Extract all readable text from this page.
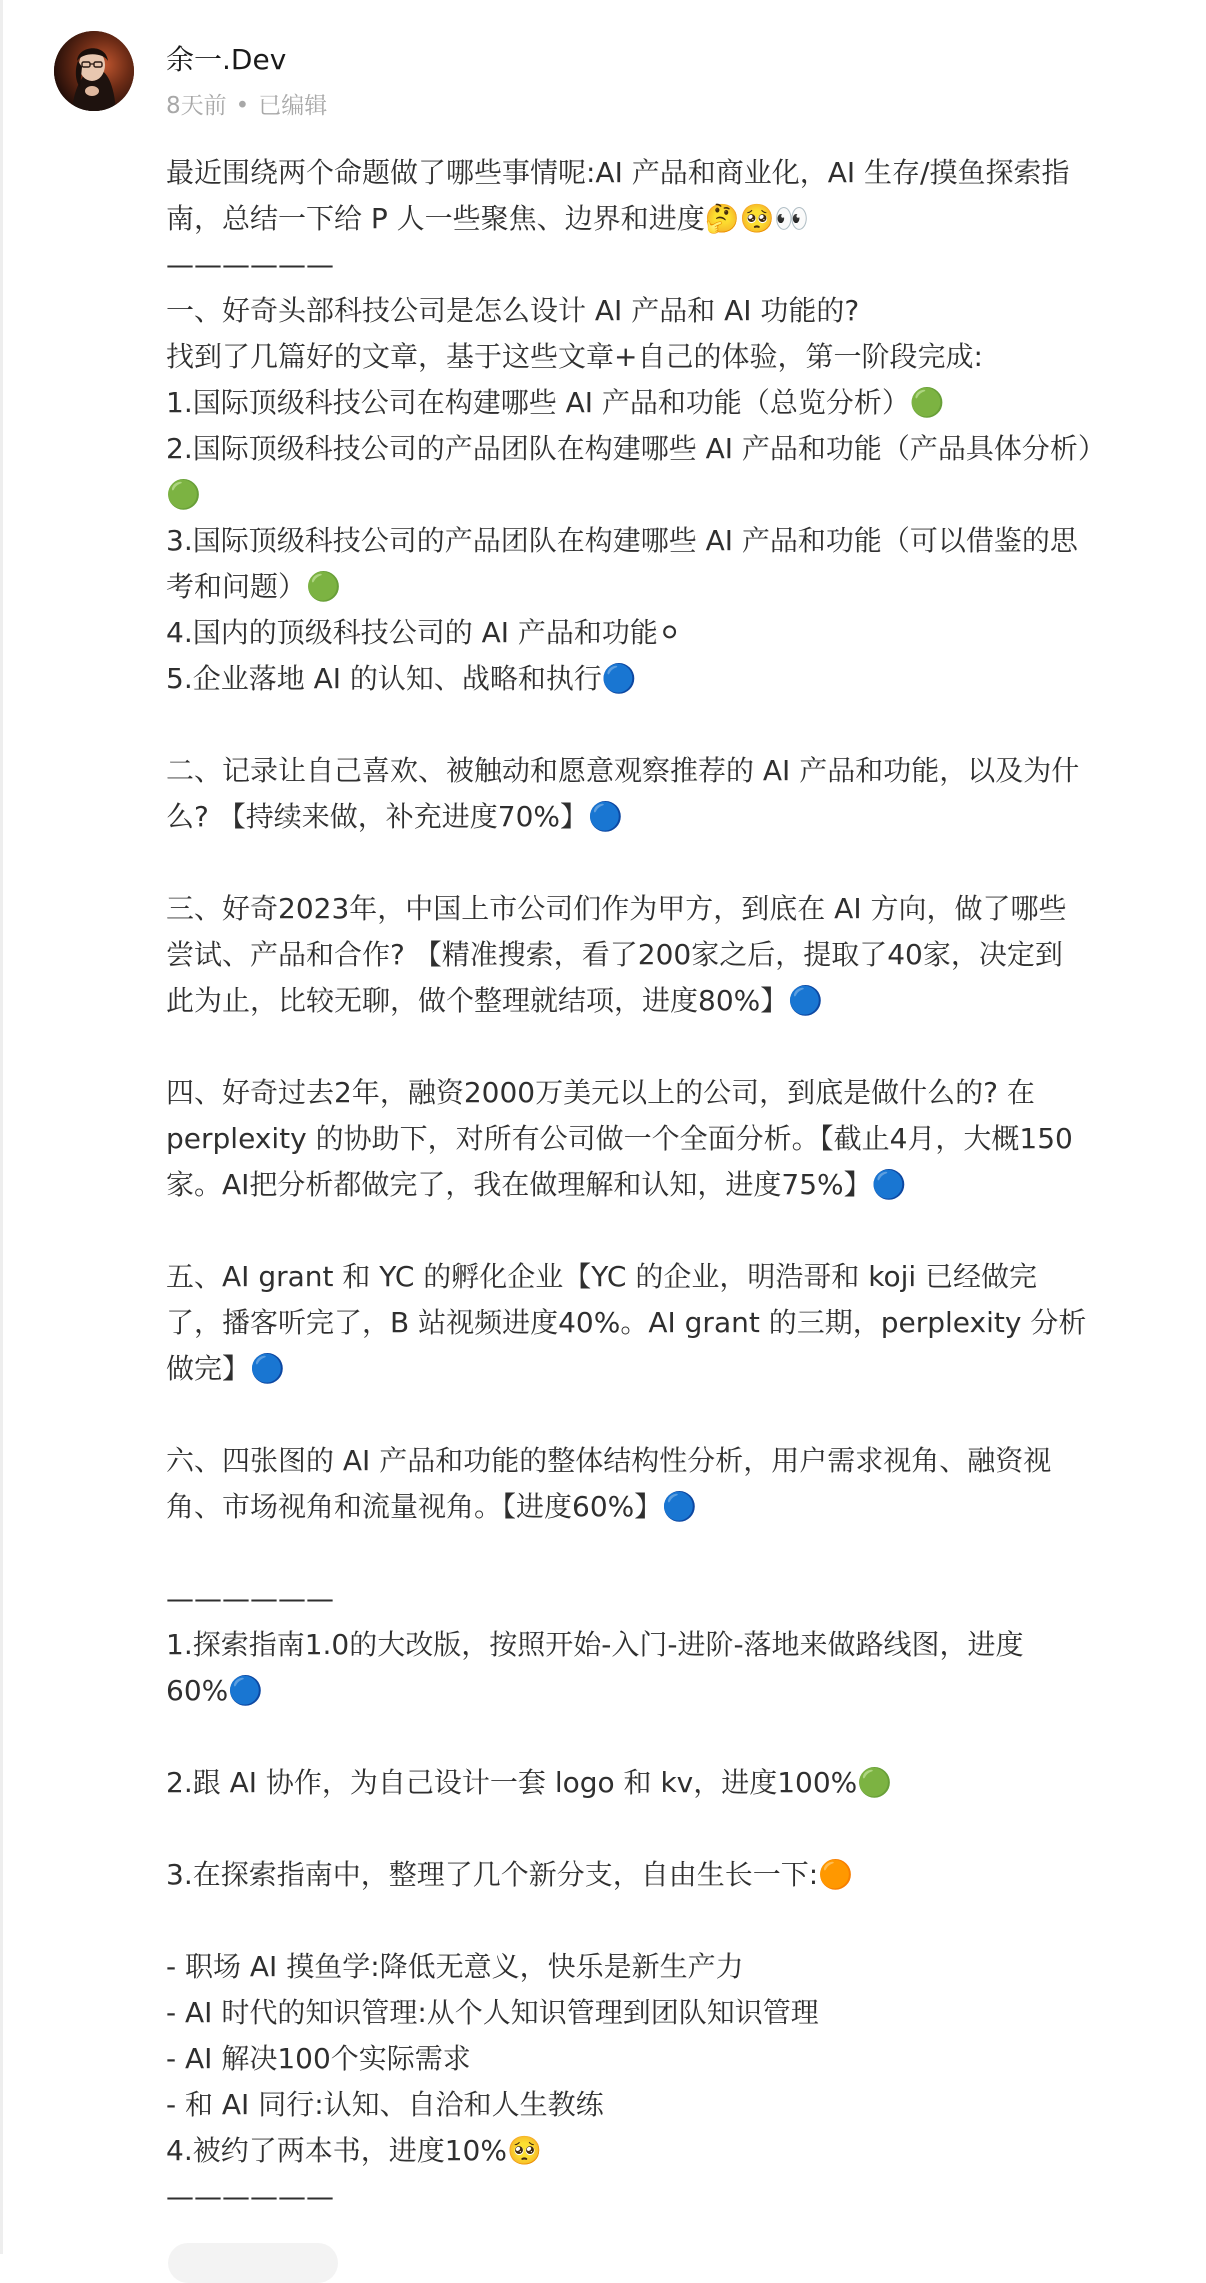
余一.Dev
8天前 • 已编辑
最近围绕两个命题做了哪些事情呢:AI 产品和商业化，AI 生存/摸鱼探索指
南，总结一下给 P 人一些聚焦、边界和进度🤔🥺👀
——————
一、好奇头部科技公司是怎么设计 AI 产品和 AI 功能的?
找到了几篇好的文章，基于这些文章+自己的体验，第一阶段完成:
1.国际顶级科技公司在构建哪些 AI 产品和功能（总览分析）🟢
2.国际顶级科技公司的产品团队在构建哪些 AI 产品和功能（产品具体分析）
🟢
3.国际顶级科技公司的产品团队在构建哪些 AI 产品和功能（可以借鉴的思
考和问题）🟢
4.国内的顶级科技公司的 AI 产品和功能⚪
5.企业落地 AI 的认知、战略和执行🔵
二、记录让自己喜欢、被触动和愿意观察推荐的 AI 产品和功能，以及为什
么? 【持续来做，补充进度70%】🔵
三、好奇2023年，中国上市公司们作为甲方，到底在 AI 方向，做了哪些
尝试、产品和合作? 【精准搜索，看了200家之后，提取了40家，决定到
此为止，比较无聊，做个整理就结项，进度80%】🔵
四、好奇过去2年，融资2000万美元以上的公司，到底是做什么的? 在
perplexity 的协助下，对所有公司做一个全面分析。【截止4月，大概150
家。AI把分析都做完了，我在做理解和认知，进度75%】🔵
五、AI grant 和 YC 的孵化企业【YC 的企业，明浩哥和 koji 已经做完
了，播客听完了，B 站视频进度40%。AI grant 的三期，perplexity 分析
做完】🔵
六、四张图的 AI 产品和功能的整体结构性分析，用户需求视角、融资视
角、市场视角和流量视角。【进度60%】🔵
——————
1.探索指南1.0的大改版，按照开始-入门-进阶-落地来做路线图，进度
60%🔵
2.跟 AI 协作，为自己设计一套 logo 和 kv，进度100%🟢
3.在探索指南中，整理了几个新分支，自由生长一下:🟠
- 职场 AI 摸鱼学:降低无意义，快乐是新生产力
- AI 时代的知识管理:从个人知识管理到团队知识管理
- AI 解决100个实际需求
- 和 AI 同行:认知、自洽和人生教练
4.被约了两本书，进度10%🥺
——————
